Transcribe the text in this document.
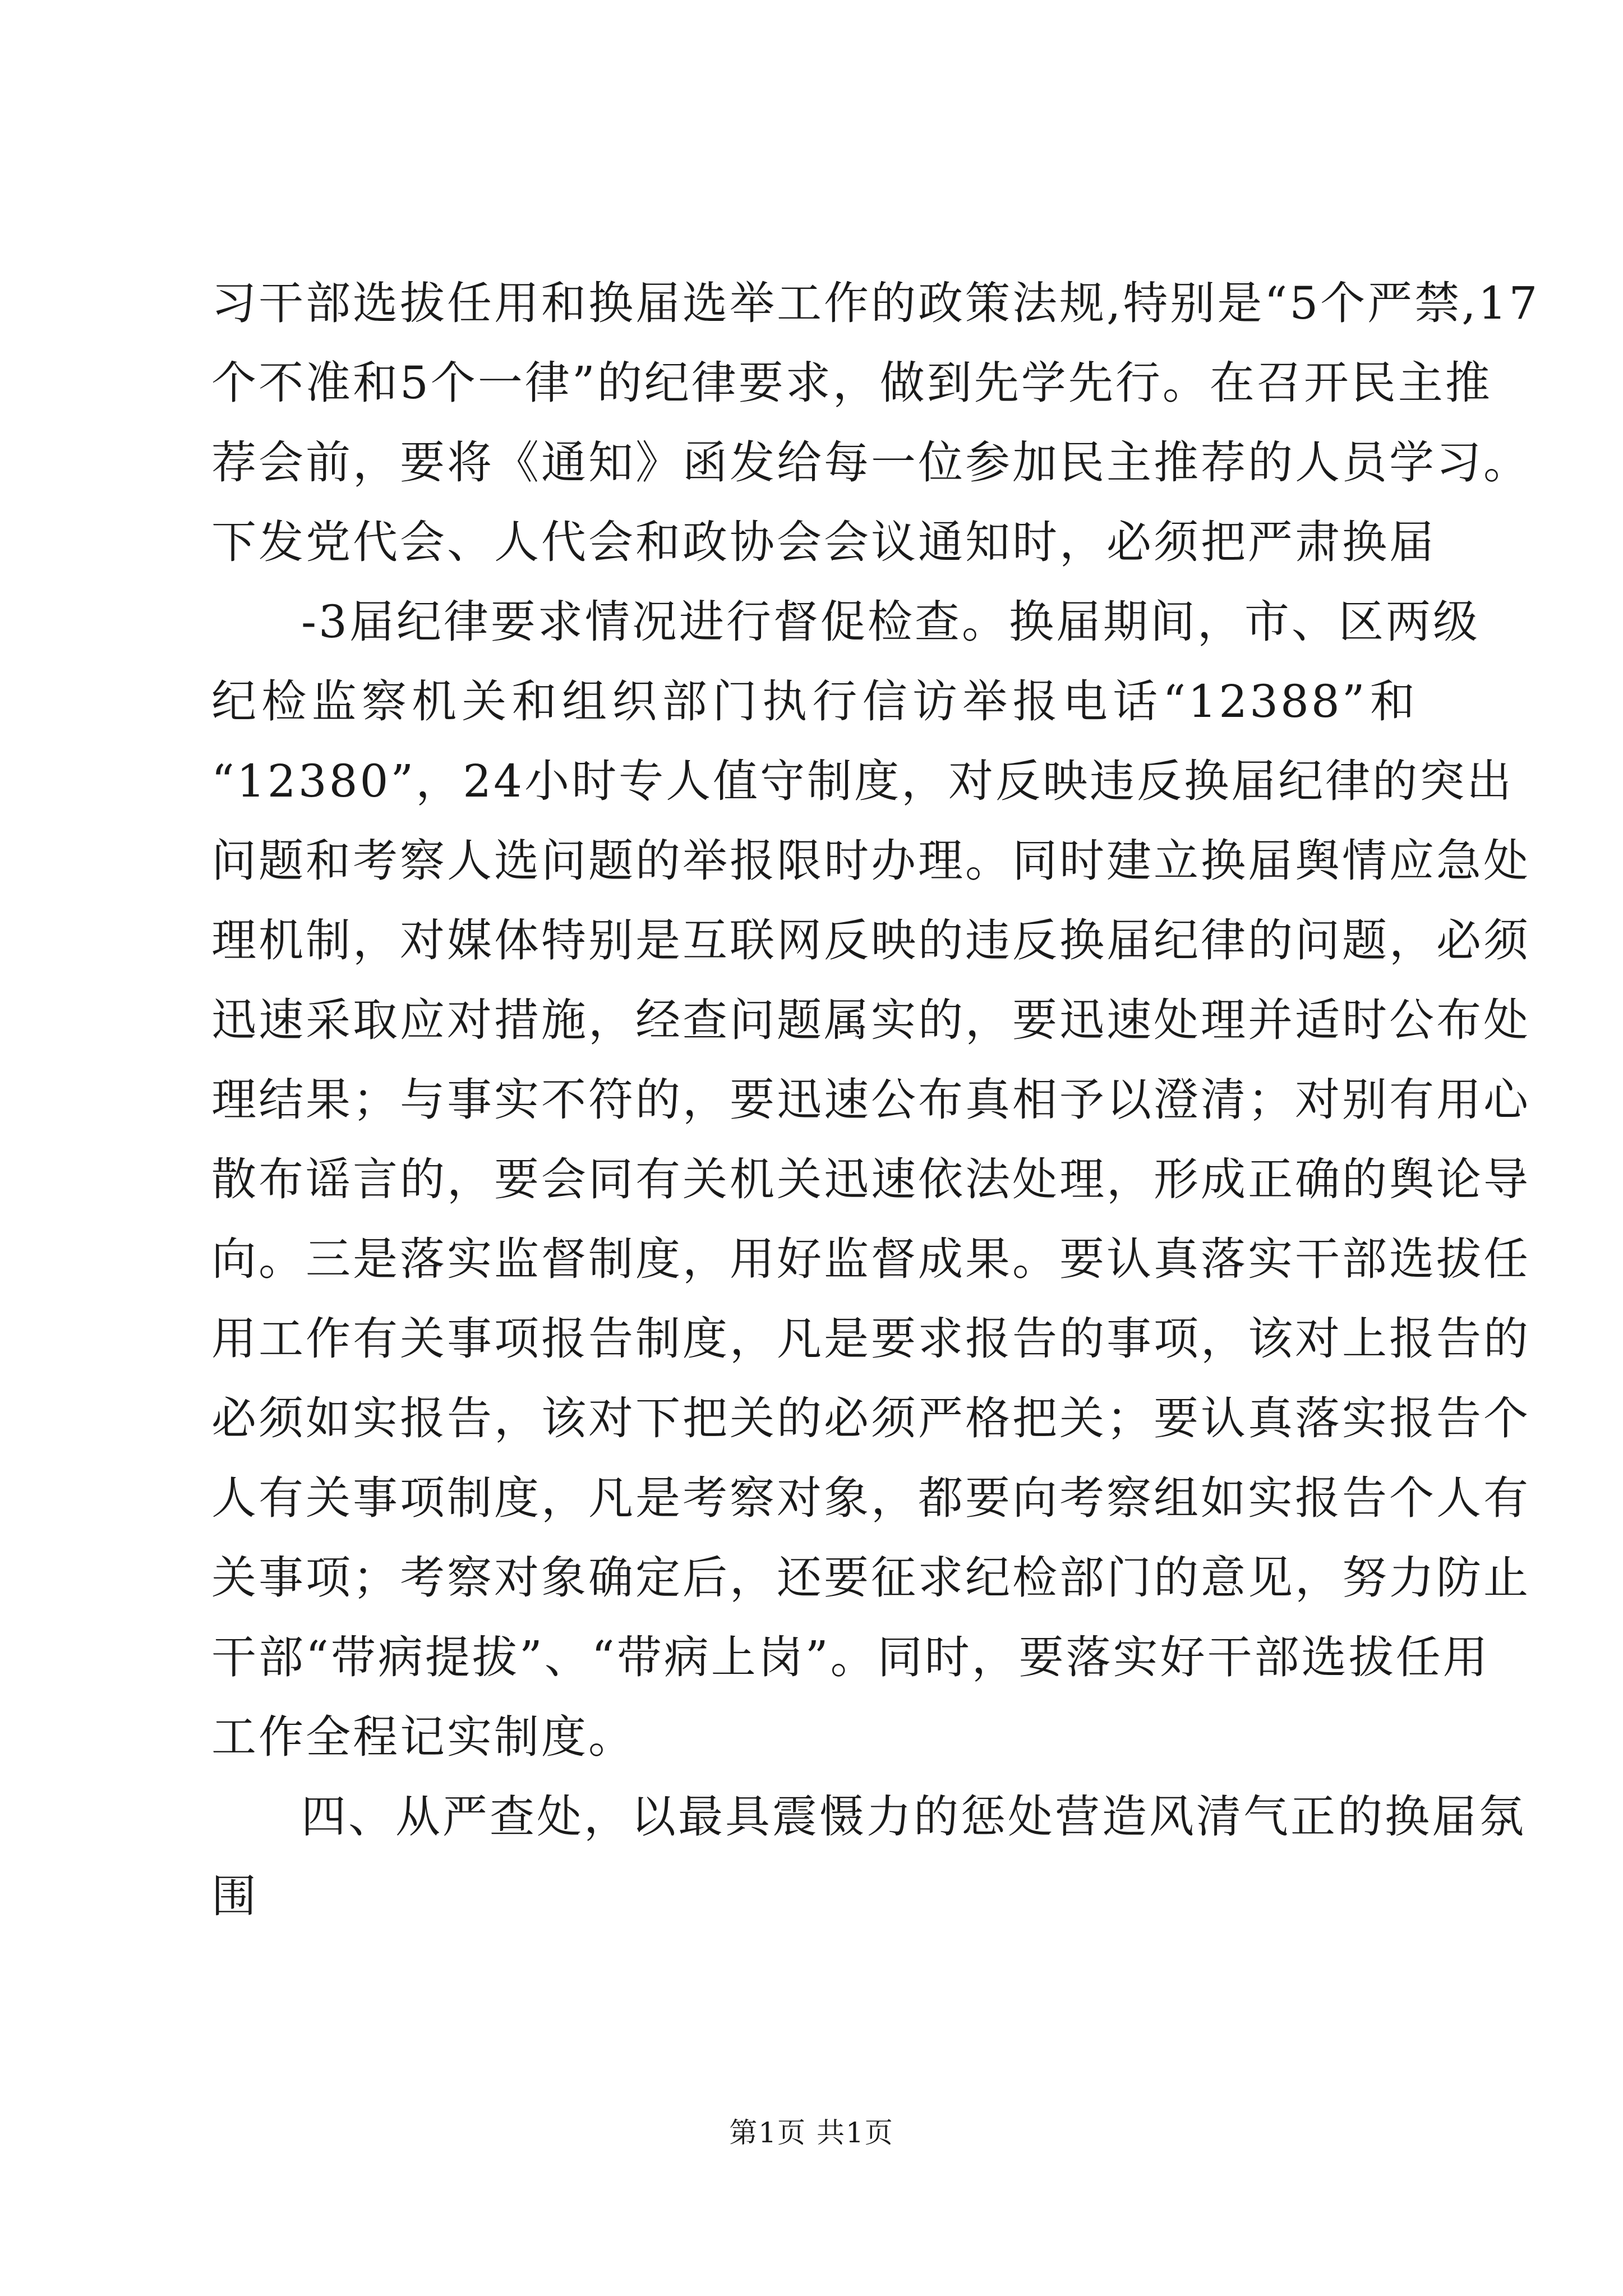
习干部选拔任用和换届选举工作的政策法规,特别是“5个严禁,17
个不准和5个一律”的纪律要求，做到先学先行。在召开民主推
荐会前，要将《通知》函发给每一位参加民主推荐的人员学习。
下发党代会、人代会和政协会会议通知时，必须把严肃换届
-3届纪律要求情况进行督促检查。换届期间，市、区两级
纪检监察机关和组织部门执行信访举报电话“12388”和
“12380”，24小时专人值守制度，对反映违反换届纪律的突出
问题和考察人选问题的举报限时办理。同时建立换届舆情应急处
理机制，对媒体特别是互联网反映的违反换届纪律的问题，必须
迅速采取应对措施，经查问题属实的，要迅速处理并适时公布处
理结果；与事实不符的，要迅速公布真相予以澄清；对别有用心
散布谣言的，要会同有关机关迅速依法处理，形成正确的舆论导
向。三是落实监督制度，用好监督成果。要认真落实干部选拔任
用工作有关事项报告制度，凡是要求报告的事项，该对上报告的
必须如实报告，该对下把关的必须严格把关；要认真落实报告个
人有关事项制度，凡是考察对象，都要向考察组如实报告个人有
关事项；考察对象确定后，还要征求纪检部门的意见，努力防止
干部“带病提拔”、“带病上岗”。同时，要落实好干部选拔任用
工作全程记实制度。
四、从严查处，以最具震慑力的惩处营造风清气正的换届氛
围
第1页 共1页
